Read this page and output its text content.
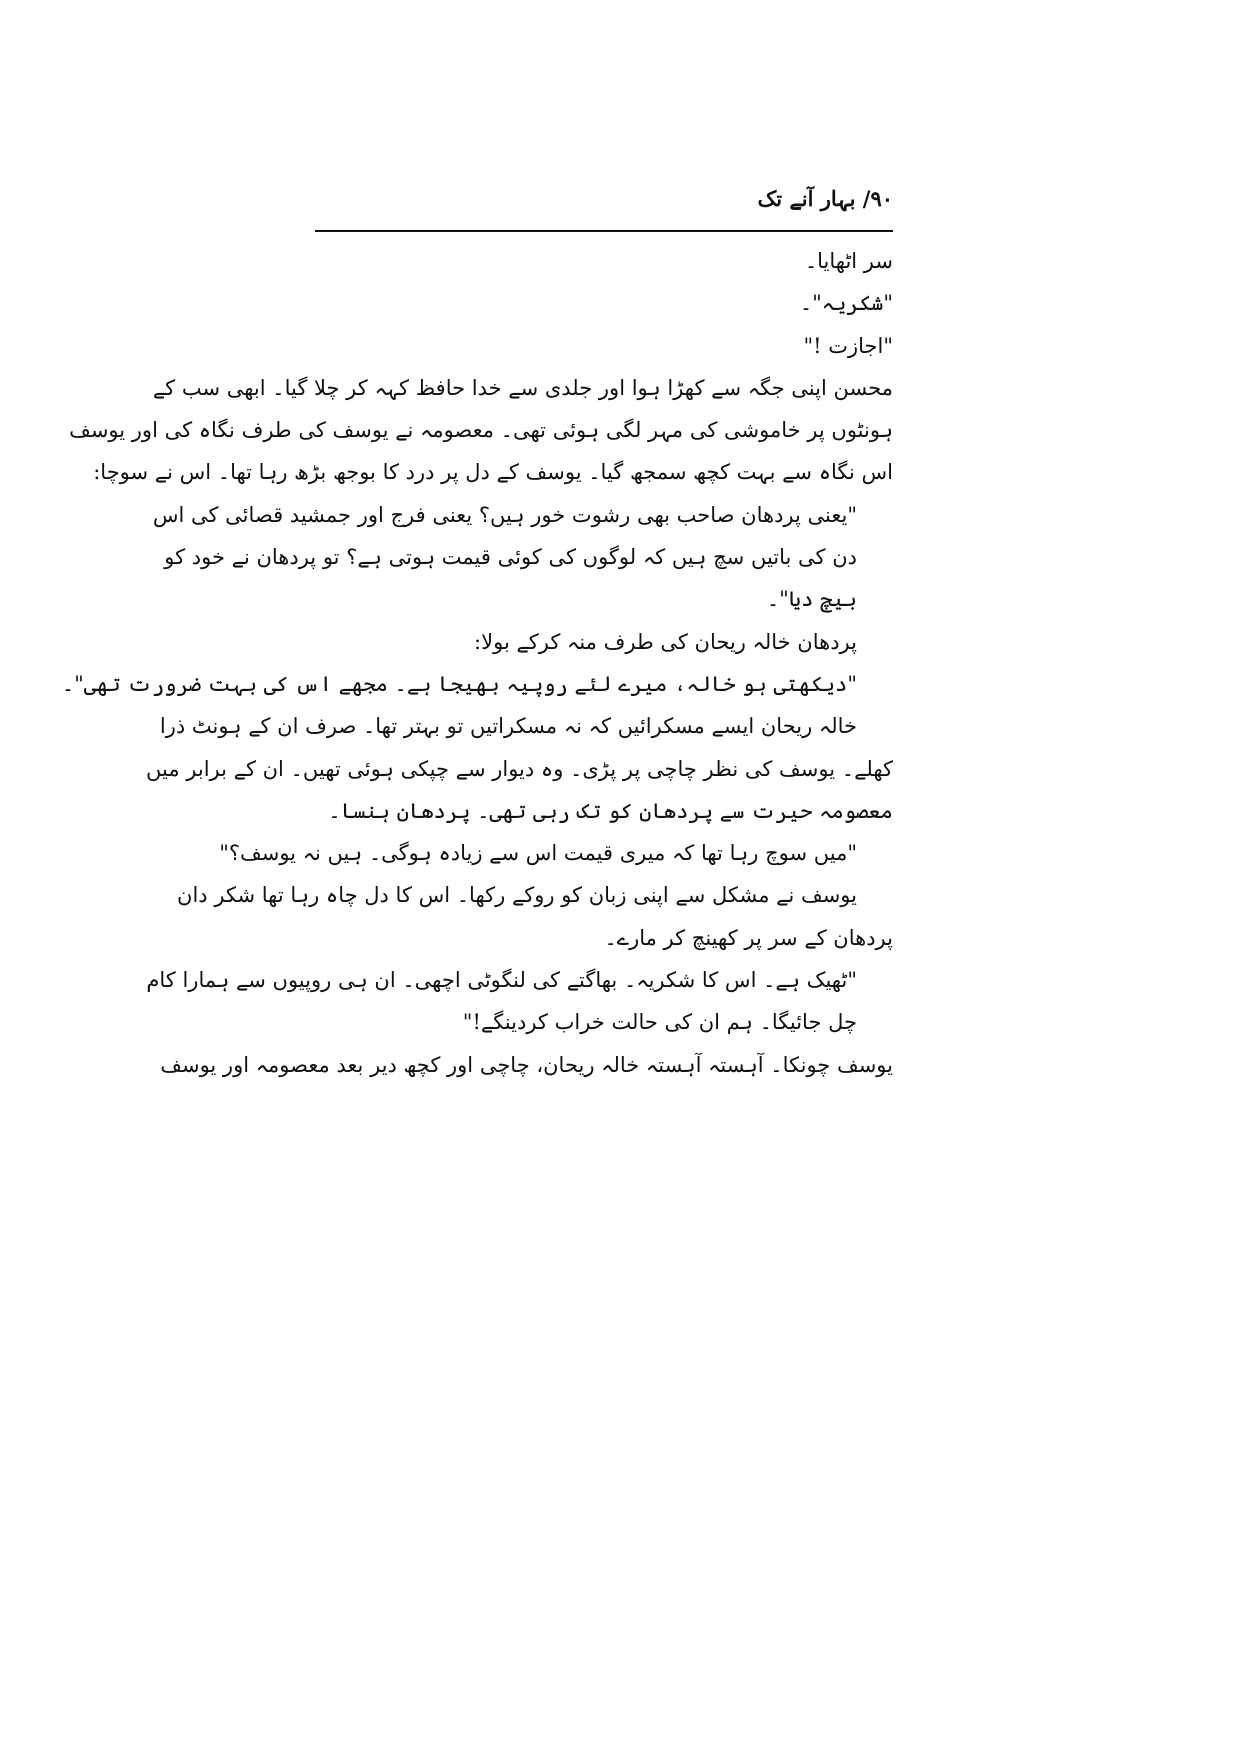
۹۰/ بہار آنے تک
سر اٹھایا۔
"شکریہ"۔
"اجازت !"
محسن اپنی جگہ سے کھڑا ہوا اور جلدی سے خدا حافظ کہہ کر چلا گیا۔ ابھی سب کے
ہونٹوں پر خاموشی کی مہر لگی ہوئی تھی۔ معصومہ نے یوسف کی طرف نگاہ کی اور یوسف
اس نگاہ سے بہت کچھ سمجھ گیا۔ یوسف کے دل پر درد کا بوجھ بڑھ رہا تھا۔ اس نے سوچا:
"یعنی پردھان صاحب بھی رشوت خور ہیں؟ یعنی فرج اور جمشید قصائی کی اس
دن کی باتیں سچ ہیں کہ لوگوں کی کوئی قیمت ہوتی ہے؟ تو پردھان نے خود کو
بیچ دیا"۔
پردھان خالہ ریحان کی طرف منہ کرکے بولا:
"دیکھتی ہو خالہ، میرے لئے روپیہ بھیجا ہے۔ مجھے اس کی بہت ضرورت تھی"۔
خالہ ریحان ایسے مسکرائیں کہ نہ مسکراتیں تو بہتر تھا۔ صرف ان کے ہونٹ ذرا
کھلے۔ یوسف کی نظر چاچی پر پڑی۔ وہ دیوار سے چپکی ہوئی تھیں۔ ان کے برابر میں
معصومہ حیرت سے پردھان کو تک رہی تھی۔ پردھان ہنسا۔
"میں سوچ رہا تھا کہ میری قیمت اس سے زیادہ ہوگی۔ ہیں نہ یوسف؟"
یوسف نے مشکل سے اپنی زبان کو روکے رکھا۔ اس کا دل چاہ رہا تھا شکر دان
پردھان کے سر پر کھینچ کر مارے۔
"ٹھیک ہے۔ اس کا شکریہ۔ بھاگتے کی لنگوٹی اچھی۔ ان ہی روپیوں سے ہمارا کام
چل جائیگا۔ ہم ان کی حالت خراب کردینگے!"
یوسف چونکا۔ آہستہ آہستہ خالہ ریحان، چاچی اور کچھ دیر بعد معصومہ اور یوسف
